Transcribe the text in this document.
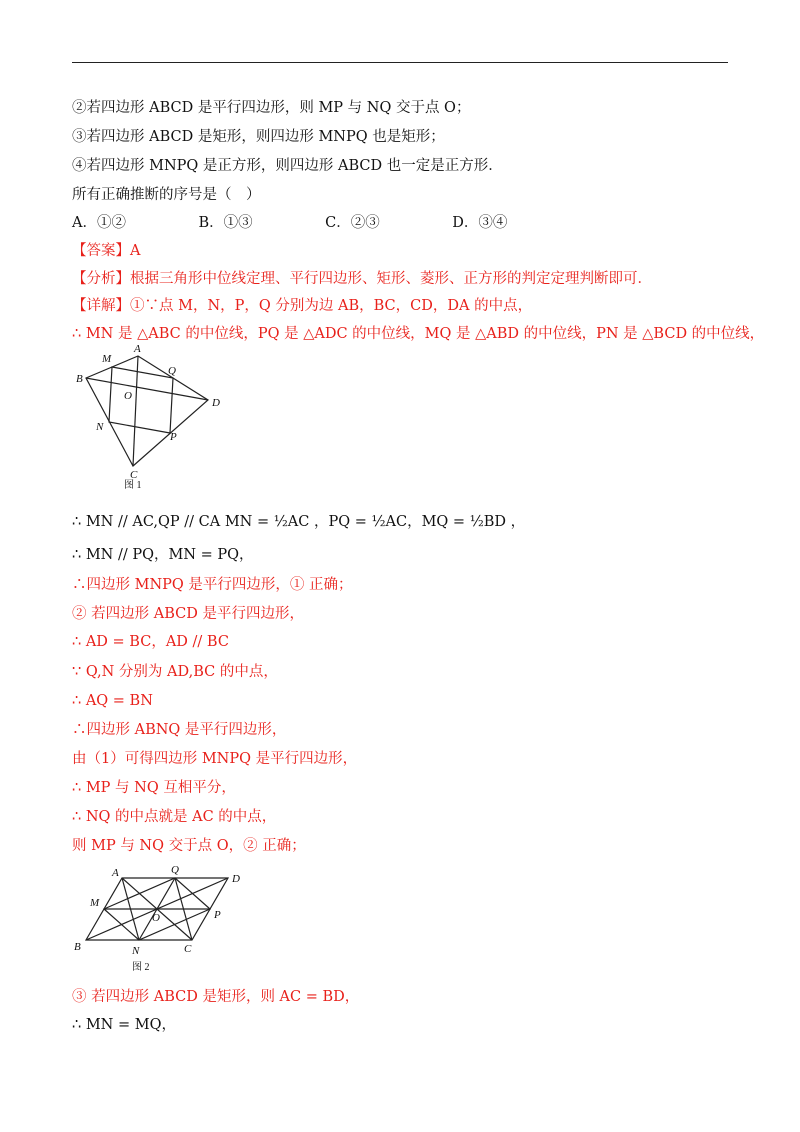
②若四边形 ABCD 是平行四边形，则 MP 与 NQ 交于点 O；
③若四边形 ABCD 是矩形，则四边形 MNPQ 也是矩形；
④若四边形 MNPQ 是正方形，则四边形 ABCD 也一定是正方形．
所有正确推断的序号是（　）
A．①②　　　　　B．①③　　　　　C．②③　　　　　D．③④
【答案】A
【分析】根据三角形中位线定理、平行四边形、矩形、菱形、正方形的判定定理判断即可．
【详解】①∵点 M，N，P，Q 分别为边 AB，BC，CD，DA 的中点，
∴ MN 是 △ABC 的中位线，PQ 是 △ADC 的中位线，MQ 是 △ABD 的中位线，PN 是 △BCD 的中位线，
B
A
M
Q
D
O
N
P
C
图 1
∴ MN // AC,QP // CA MN = ½AC ，PQ = ½AC，MQ = ½BD ，
∴ MN // PQ，MN = PQ，
∴四边形 MNPQ 是平行四边形，① 正确；
② 若四边形 ABCD 是平行四边形，
∴ AD = BC，AD // BC
∵ Q,N 分别为 AD,BC 的中点，
∴ AQ = BN
∴四边形 ABNQ 是平行四边形，
由（1）可得四边形 MNPQ 是平行四边形，
∴ MP 与 NQ 互相平分，
∴ NQ 的中点就是 AC 的中点，
则 MP 与 NQ 交于点 O，② 正确；
A	Q
D
M
O	P
B	N	C
图 2
③ 若四边形 ABCD 是矩形，则 AC = BD，
∴ MN = MQ，
